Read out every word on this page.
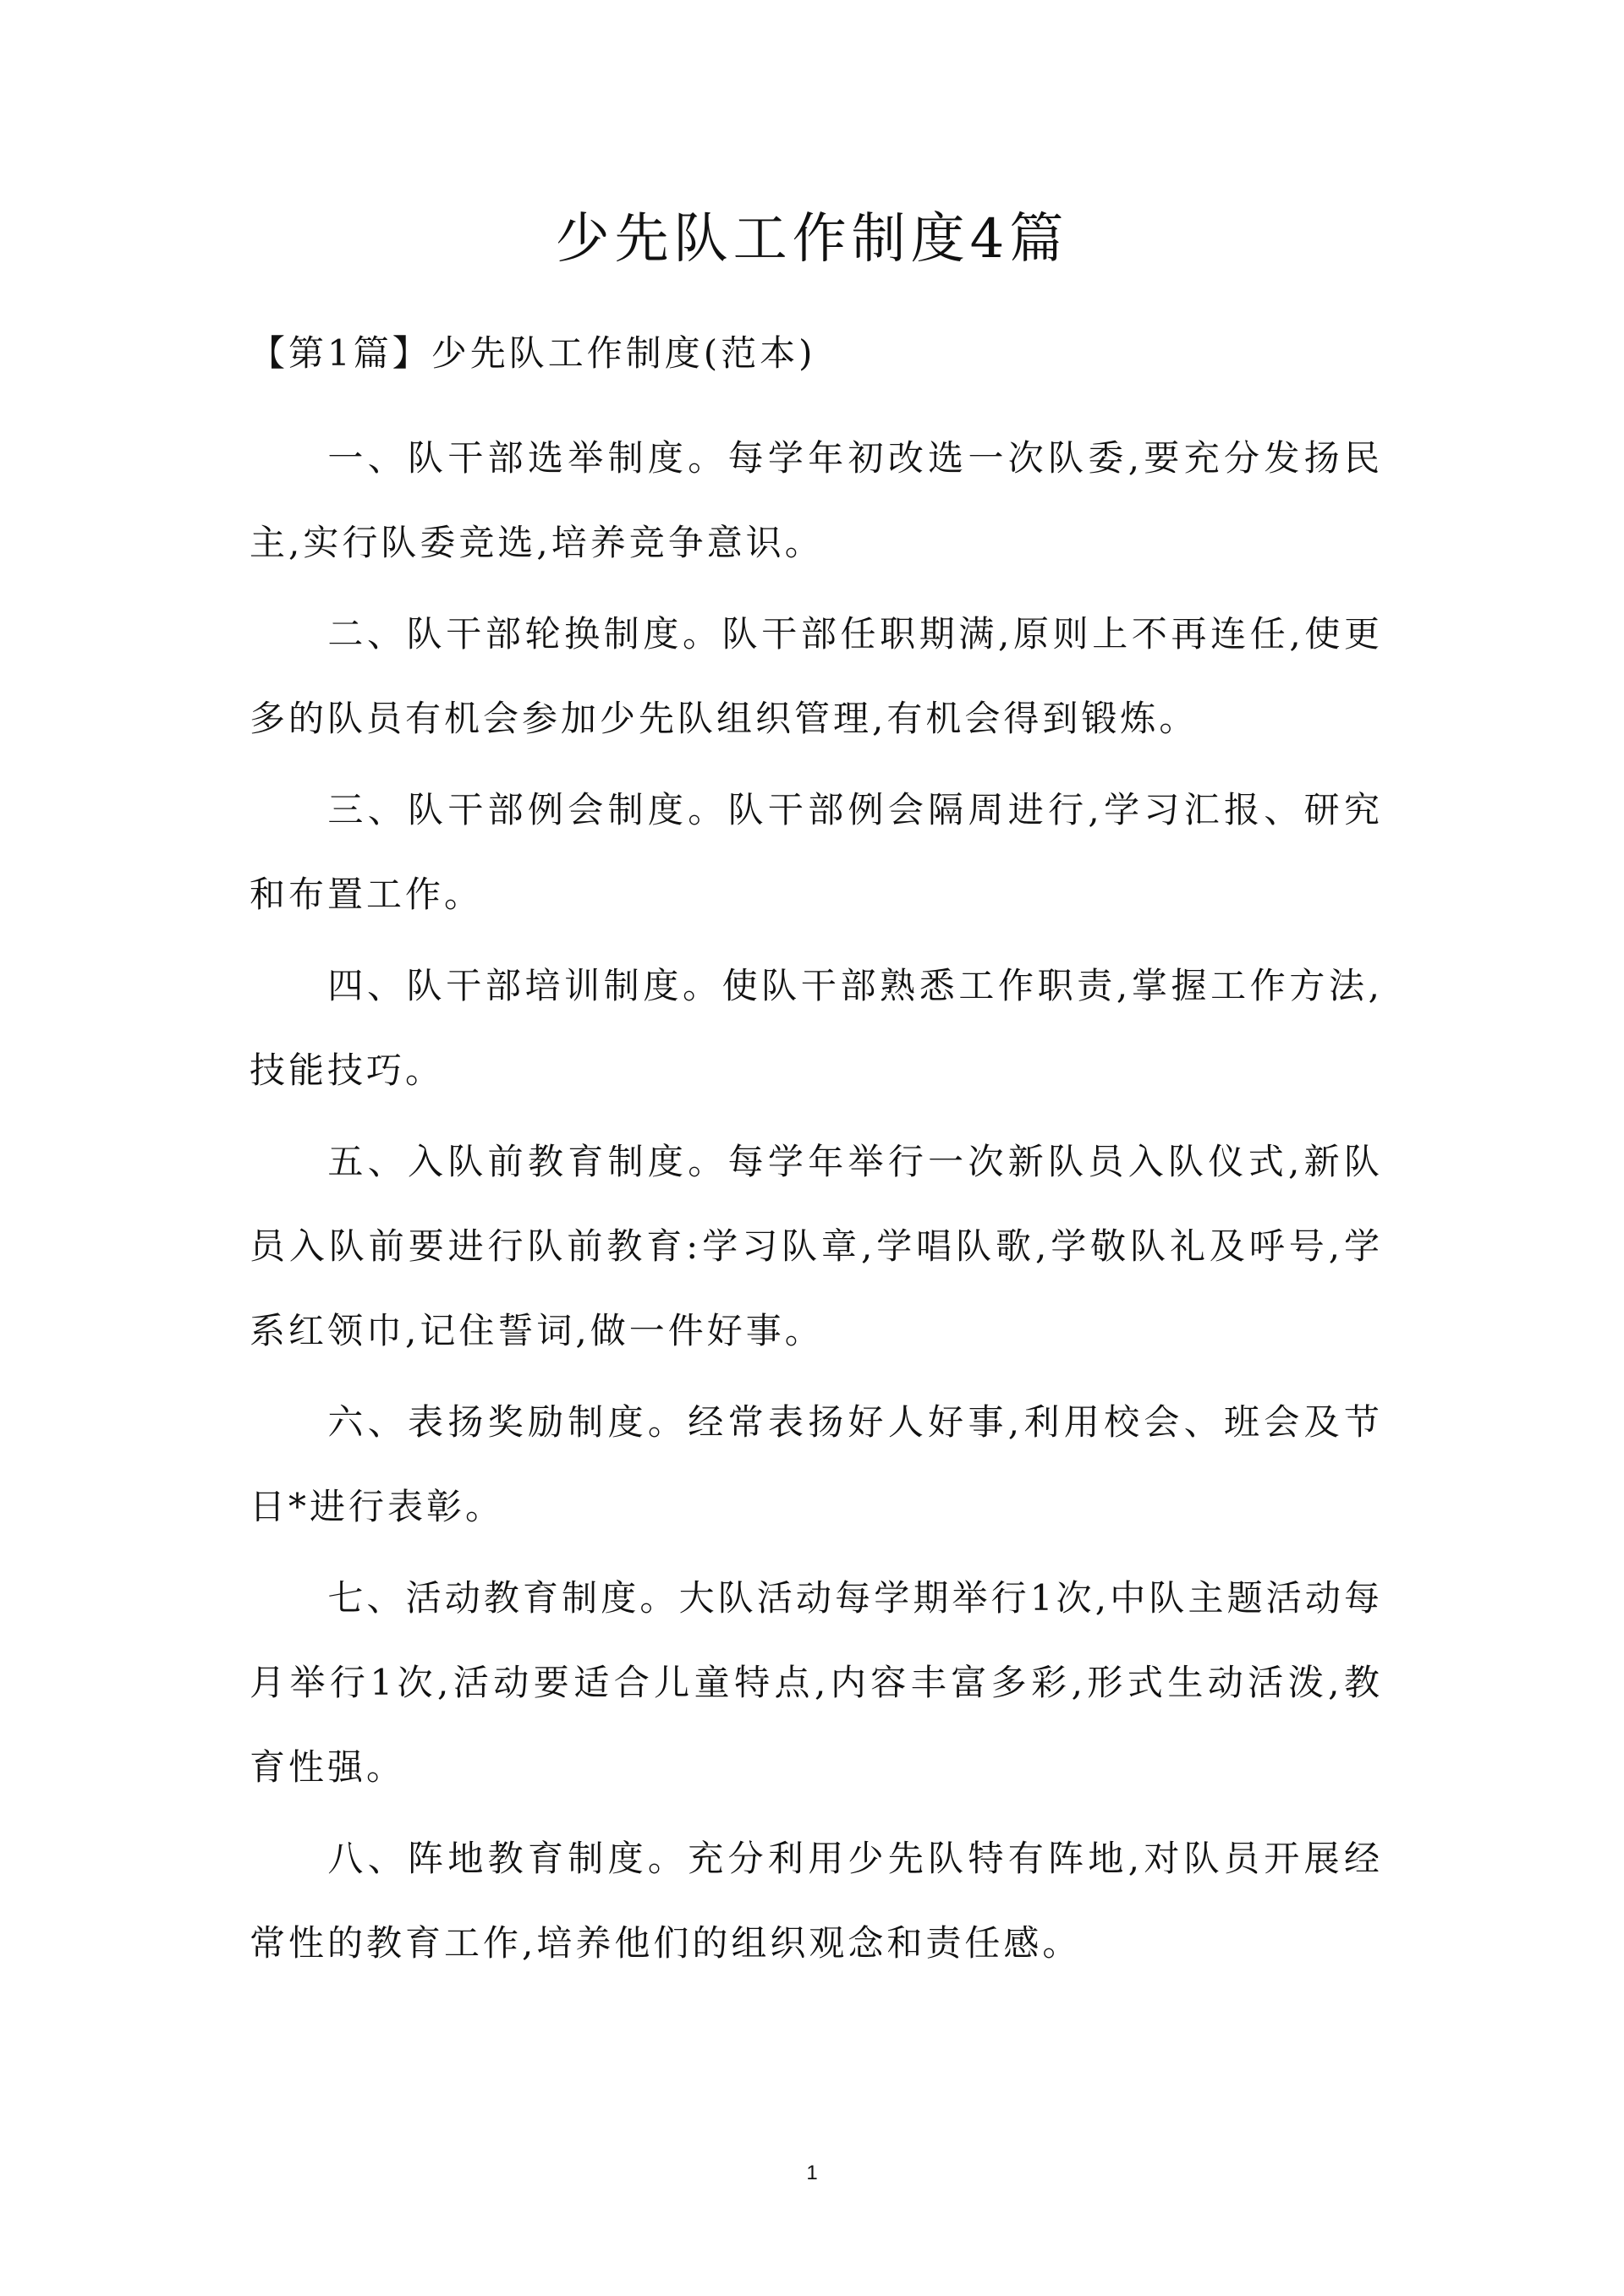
少先队工作制度4篇

【第1篇】少先队工作制度(范本)

一、队干部选举制度。每学年初改选一次队委,要充分发扬民主,实行队委竞选,培养竞争意识。

二、队干部轮换制度。队干部任职期满,原则上不再连任,使更多的队员有机会参加少先队组织管理,有机会得到锻炼。

三、队干部例会制度。队干部例会隔周进行,学习汇报、研究和布置工作。

四、队干部培训制度。使队干部熟悉工作职责,掌握工作方法,技能技巧。

五、入队前教育制度。每学年举行一次新队员入队仪式,新队员入队前要进行队前教育:学习队章,学唱队歌,学敬队礼及呼号,学系红领巾,记住誓词,做一件好事。

六、表扬奖励制度。经常表扬好人好事,利用校会、班会及节日*进行表彰。

七、活动教育制度。大队活动每学期举行1次,中队主题活动每月举行1次,活动要适合儿童特点,内容丰富多彩,形式生动活泼,教育性强。

八、阵地教育制度。充分利用少先队特有阵地,对队员开展经常性的教育工作,培养他们的组织观念和责任感。

1
